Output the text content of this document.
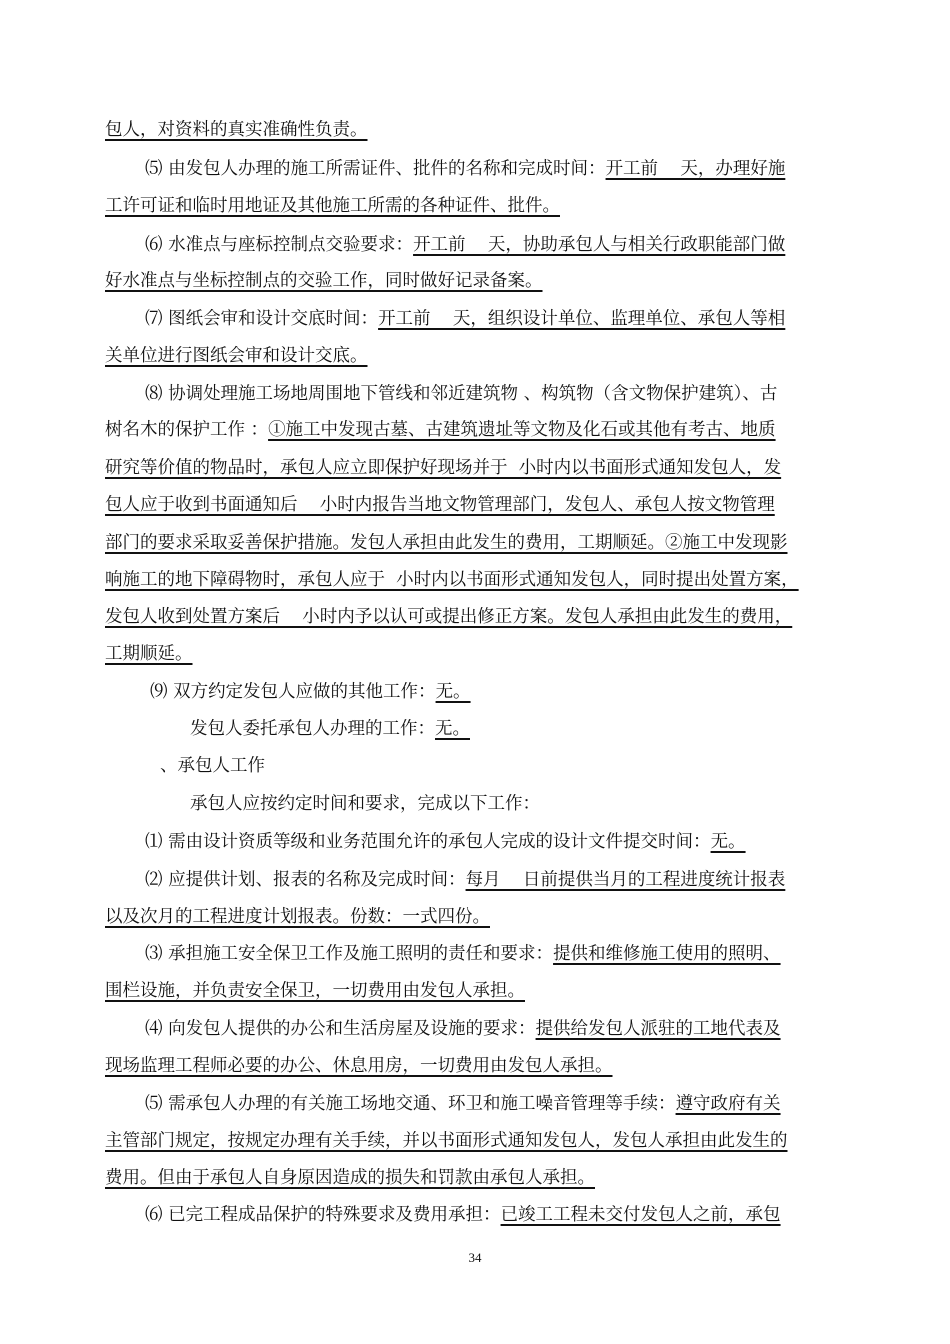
包人，对资料的真实准确性负责。
⑸ 由发包人办理的施工所需证件、批件的名称和完成时间：开工前    天，办理好施
工许可证和临时用地证及其他施工所需的各种证件、批件。
⑹ 水准点与座标控制点交验要求：开工前    天，协助承包人与相关行政职能部门做
好水准点与坐标控制点的交验工作，同时做好记录备案。
⑺ 图纸会审和设计交底时间：开工前    天，组织设计单位、监理单位、承包人等相
关单位进行图纸会审和设计交底。
⑻ 协调处理施工场地周围地下管线和邻近建筑物 、构筑物（含文物保护建筑）、古
树名木的保护工作 ：①施工中发现古墓、古建筑遗址等文物及化石或其他有考古、地质
研究等价值的物品时，承包人应立即保护好现场并于  小时内以书面形式通知发包人，发
包人应于收到书面通知后    小时内报告当地文物管理部门，发包人、承包人按文物管理
部门的要求采取妥善保护措施。发包人承担由此发生的费用，工期顺延。②施工中发现影
响施工的地下障碍物时，承包人应于  小时内以书面形式通知发包人，同时提出处置方案，
发包人收到处置方案后    小时内予以认可或提出修正方案。发包人承担由此发生的费用，
工期顺延。
⑼ 双方约定发包人应做的其他工作：无。
发包人委托承包人办理的工作：无。
、承包人工作
承包人应按约定时间和要求，完成以下工作：
⑴ 需由设计资质等级和业务范围允许的承包人完成的设计文件提交时间：无。
⑵ 应提供计划、报表的名称及完成时间：每月    日前提供当月的工程进度统计报表
以及次月的工程进度计划报表。份数：一式四份。
⑶ 承担施工安全保卫工作及施工照明的责任和要求：提供和维修施工使用的照明、
围栏设施，并负责安全保卫，一切费用由发包人承担。
⑷ 向发包人提供的办公和生活房屋及设施的要求：提供给发包人派驻的工地代表及
现场监理工程师必要的办公、休息用房，一切费用由发包人承担。
⑸ 需承包人办理的有关施工场地交通、环卫和施工噪音管理等手续：遵守政府有关
主管部门规定，按规定办理有关手续，并以书面形式通知发包人，发包人承担由此发生的
费用。但由于承包人自身原因造成的损失和罚款由承包人承担。
⑹ 已完工程成品保护的特殊要求及费用承担：已竣工工程未交付发包人之前，承包
34
